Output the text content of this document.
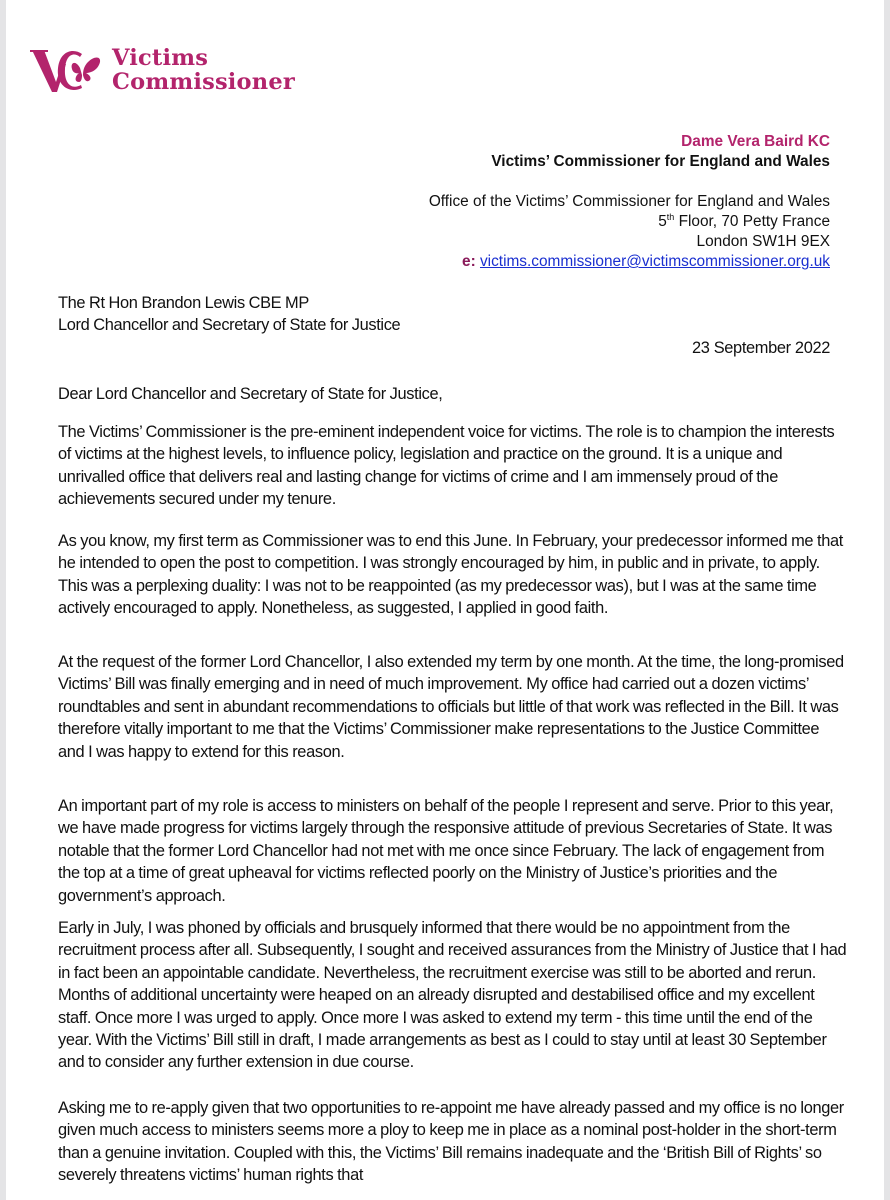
Victims
Commissioner
Dame Vera Baird KC
Victims’ Commissioner for England and Wales
Office of the Victims’ Commissioner for England and Wales
5th Floor, 70 Petty France
London SW1H 9EX
e: victims.commissioner@victimscommissioner.org.uk
The Rt Hon Brandon Lewis CBE MP
Lord Chancellor and Secretary of State for Justice
23 September 2022
Dear Lord Chancellor and Secretary of State for Justice,

The Victims’ Commissioner is the pre-eminent independent voice for victims. The role is to champion the interests of victims at the highest levels, to influence policy, legislation and practice on the ground. It is a unique and unrivalled office that delivers real and lasting change for victims of crime and I am immensely proud of the achievements secured under my tenure.

As you know, my first term as Commissioner was to end this June. In February, your predecessor informed me that he intended to open the post to competition. I was strongly encouraged by him, in public and in private, to apply. This was a perplexing duality: I was not to be reappointed (as my predecessor was), but I was at the same time actively encouraged to apply. Nonetheless, as suggested, I applied in good faith.

At the request of the former Lord Chancellor, I also extended my term by one month. At the time, the long-promised Victims’ Bill was finally emerging and in need of much improvement. My office had carried out a dozen victims’ roundtables and sent in abundant recommendations to officials but little of that work was reflected in the Bill. It was therefore vitally important to me that the Victims’ Commissioner make representations to the Justice Committee and I was happy to extend for this reason.

An important part of my role is access to ministers on behalf of the people I represent and serve. Prior to this year, we have made progress for victims largely through the responsive attitude of previous Secretaries of State. It was notable that the former Lord Chancellor had not met with me once since February. The lack of engagement from the top at a time of great upheaval for victims reflected poorly on the Ministry of Justice’s priorities and the government’s approach.

Early in July, I was phoned by officials and brusquely informed that there would be no appointment from the recruitment process after all. Subsequently, I sought and received assurances from the Ministry of Justice that I had in fact been an appointable candidate. Nevertheless, the recruitment exercise was still to be aborted and rerun. Months of additional uncertainty were heaped on an already disrupted and destabilised office and my excellent staff. Once more I was urged to apply. Once more I was asked to extend my term - this time until the end of the year. With the Victims’ Bill still in draft, I made arrangements as best as I could to stay until at least 30 September and to consider any further extension in due course.

Asking me to re-apply given that two opportunities to re-appoint me have already passed and my office is no longer given much access to ministers seems more a ploy to keep me in place as a nominal post-holder in the short-term than a genuine invitation. Coupled with this, the Victims’ Bill remains inadequate and the ‘British Bill of Rights’ so severely threatens victims’ human rights that
